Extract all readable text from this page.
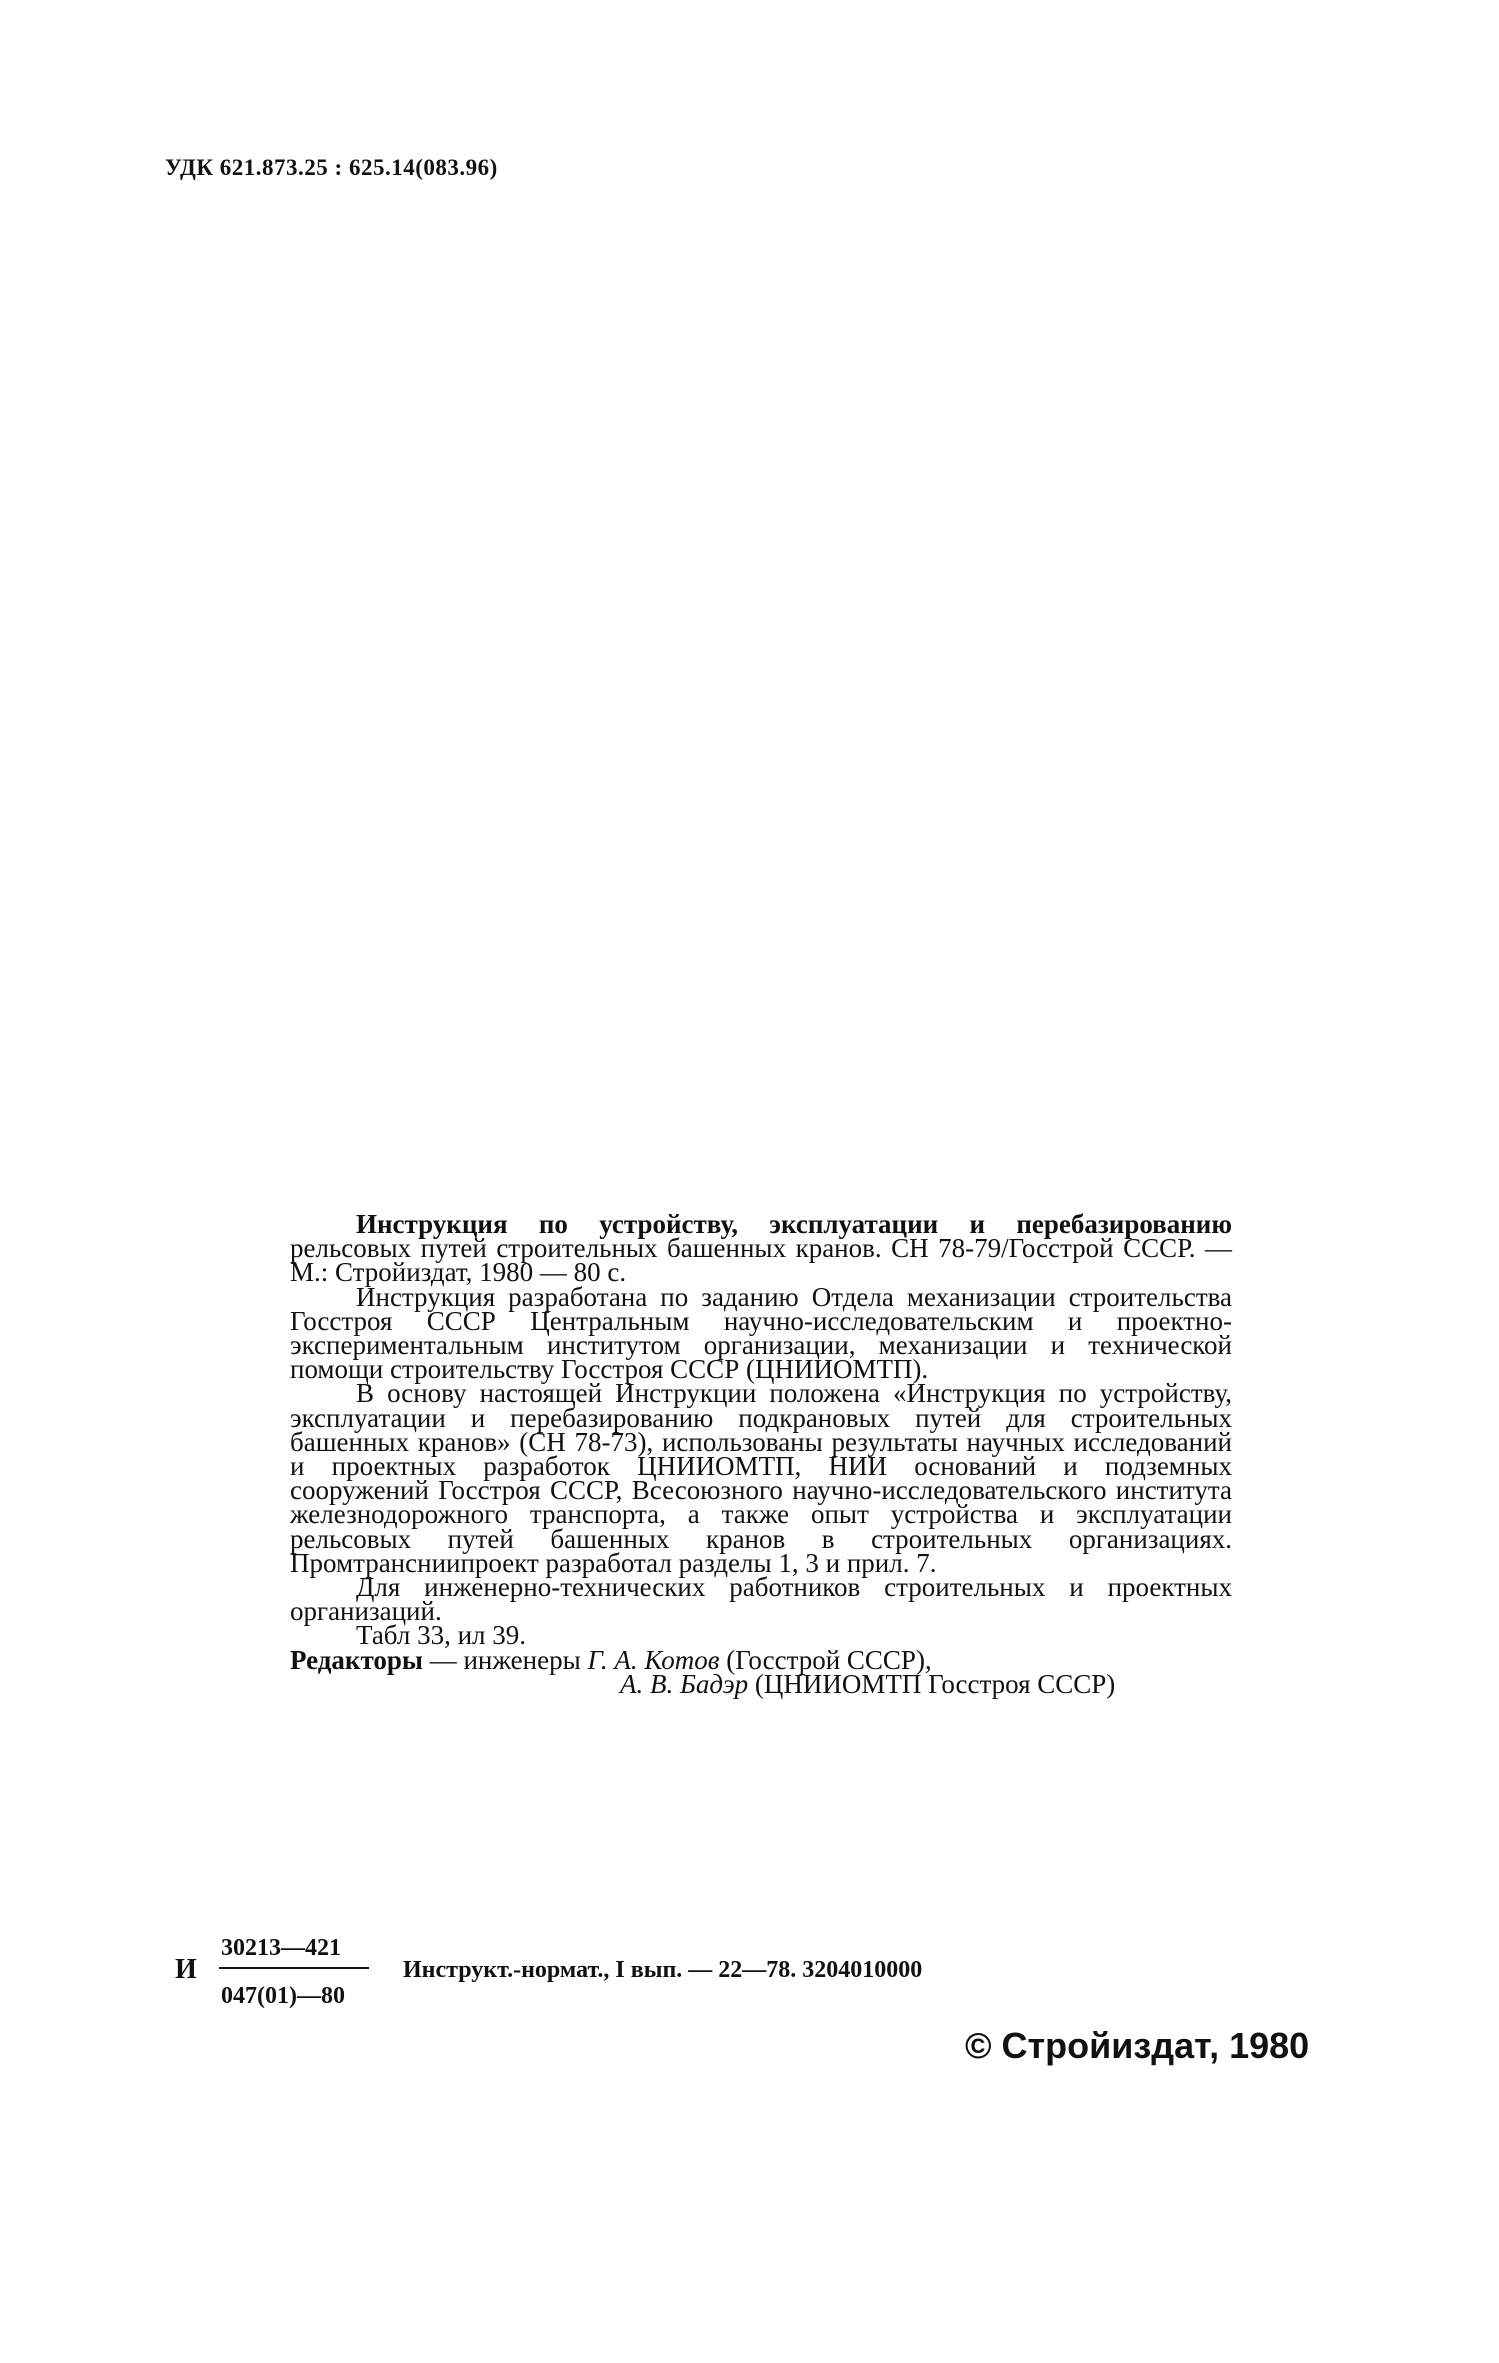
УДК 621.873.25 : 625.14(083.96)

Инструкция по устройству, эксплуатации и перебазированию рельсовых путей строительных башенных кранов. СН 78-79/Госстрой СССР. — М.: Стройиздат, 1980 — 80 с.

Инструкция разработана по заданию Отдела механизации строительства Госстроя СССР Центральным научно-исследовательским и проектно-экспериментальным институтом организации, механизации и технической помощи строительству Госстроя СССР (ЦНИИОМТП).

В основу настоящей Инструкции положена «Инструкция по устройству, эксплуатации и перебазированию подкрановых путей для строительных башенных кранов» (СН 78-73), использованы результаты научных исследований и проектных разработок ЦНИИОМТП, НИИ оснований и подземных сооружений Госстроя СССР, Всесоюзного научно-исследовательского института железнодорожного транспорта, а также опыт устройства и эксплуатации рельсовых путей башенных кранов в строительных организациях. Промтрансниипроект разработал разделы 1, 3 и прил. 7.

Для инженерно-технических работников строительных и проектных организаций.

Табл 33, ил 39.

Редакторы — инженеры Г. А. Котов (Госстрой СССР),
А. В. Бадэр (ЦНИИОМТП Госстроя СССР)
И
30213—421
047(01)—80
Инструкт.-нормат., I вып. — 22—78. 3204010000
© Стройиздат, 1980
